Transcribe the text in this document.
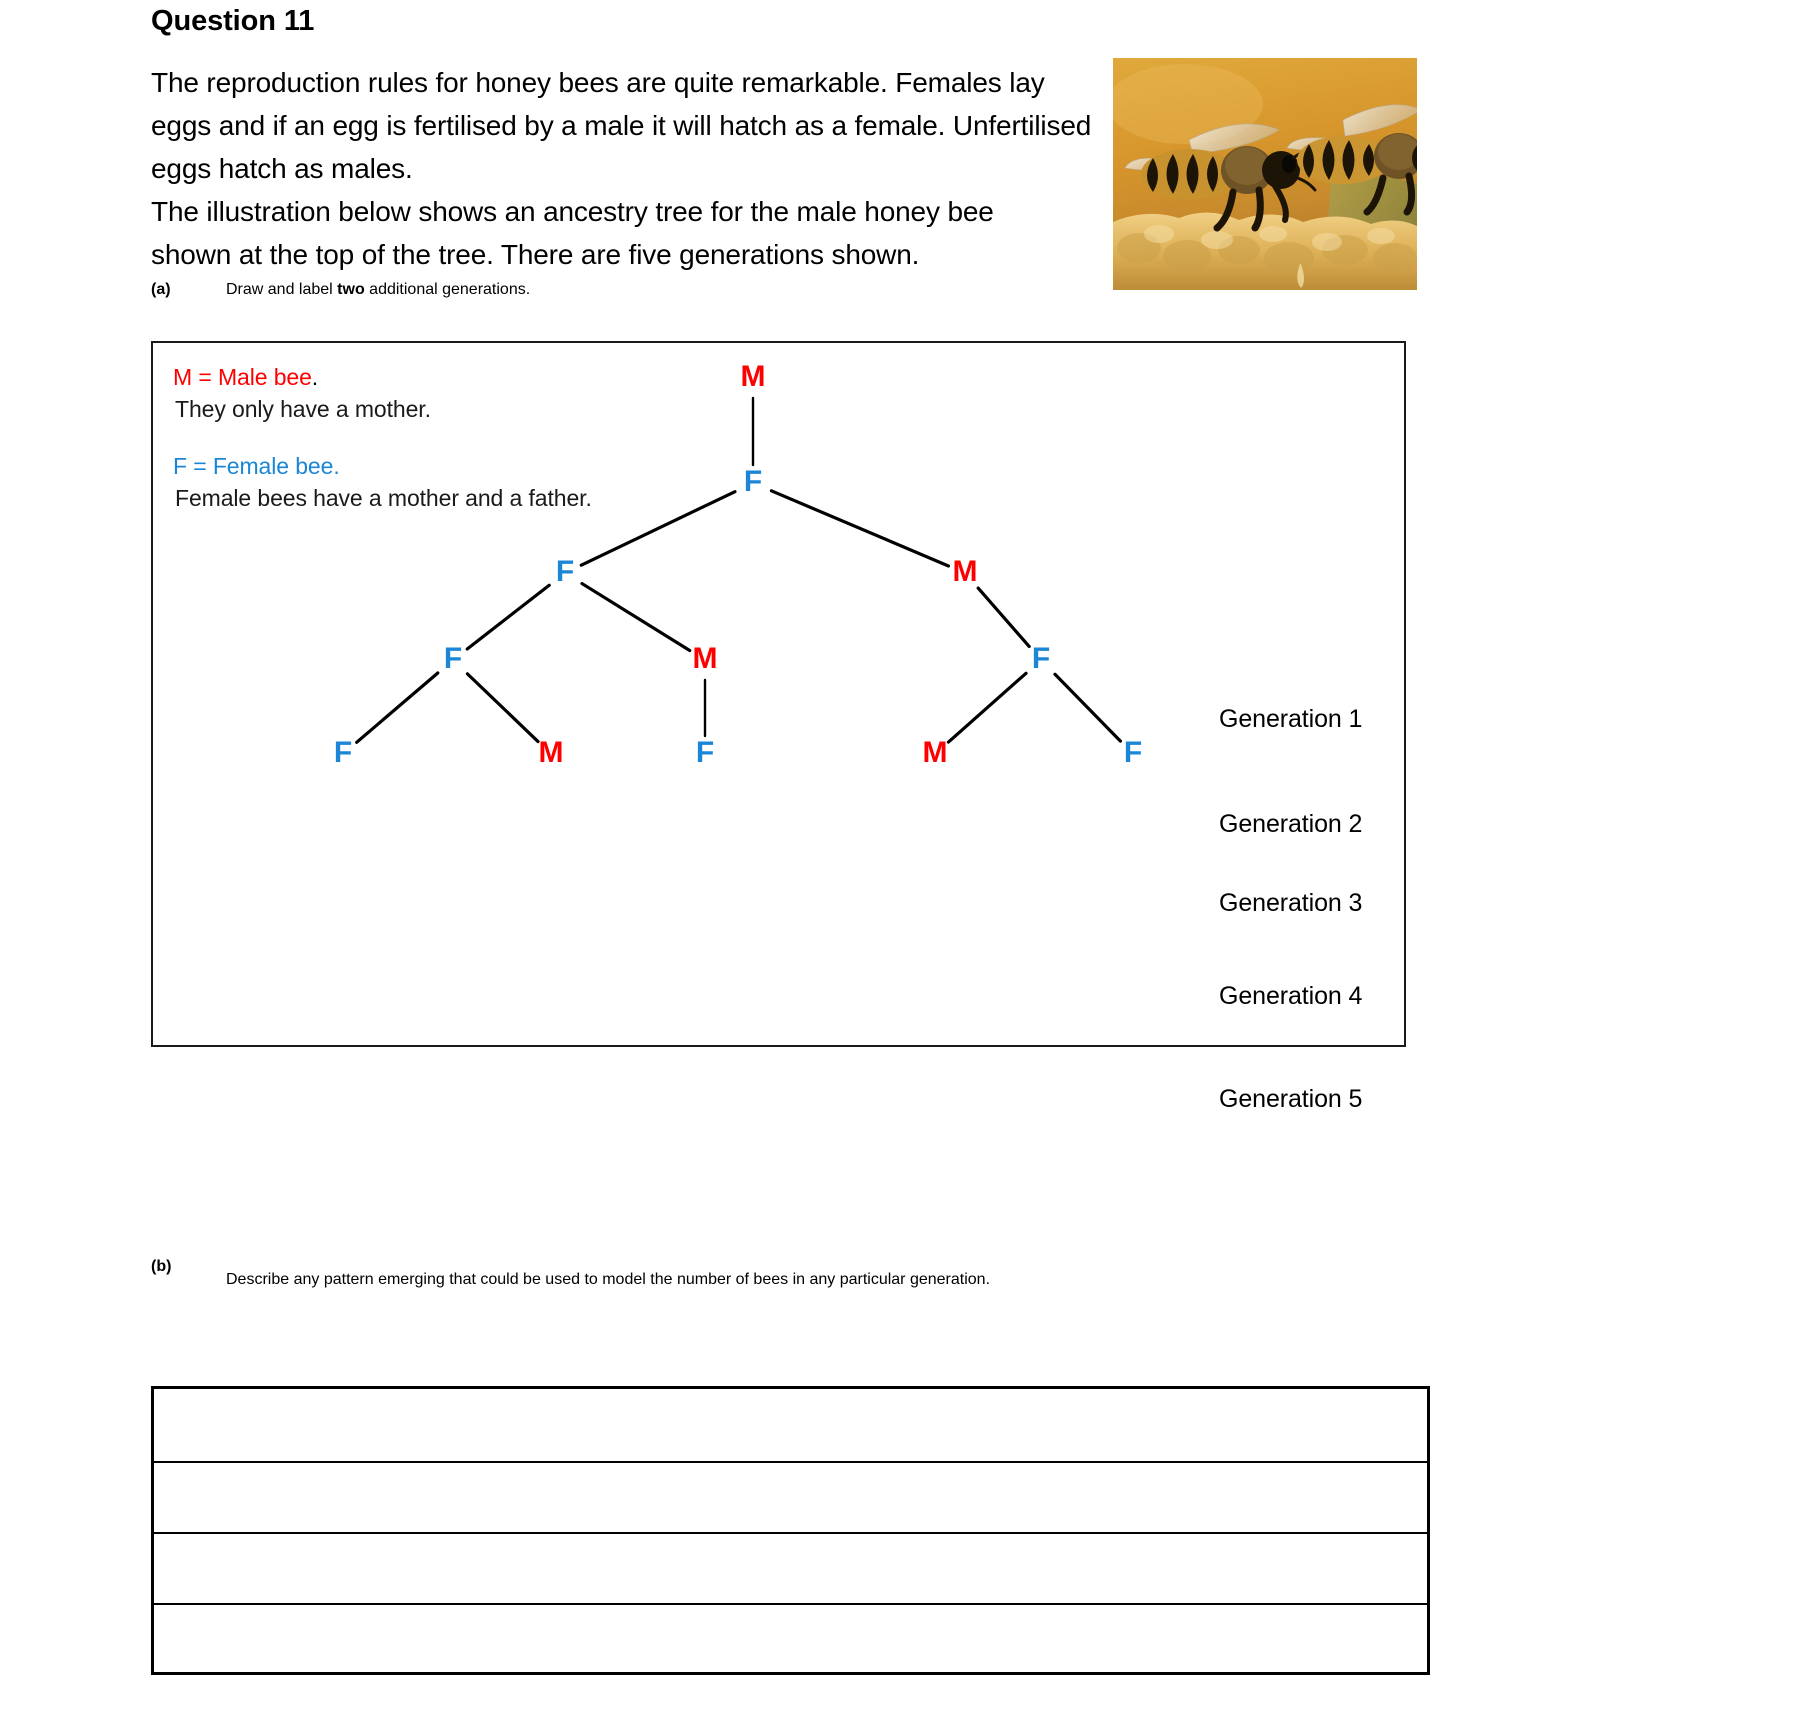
Question 11
The reproduction rules for honey bees are quite remarkable. Females lay eggs and if an egg is fertilised by a male it will hatch as a female. Unfertilised eggs hatch as males.
The illustration below shows an ancestry tree for the male honey bee shown at the top of the tree. There are five generations shown.
(a)	Draw and label two additional generations.
M = Male bee.
They only have a mother.
F = Female bee.
Female bees have a mother and a father.
M
F
F	M
F	M	F
F	M	F	M	F
Generation 1
Generation 2
Generation 3
Generation 4
Generation 5
(b)
Describe any pattern emerging that could be used to model the number of bees in any particular generation.
